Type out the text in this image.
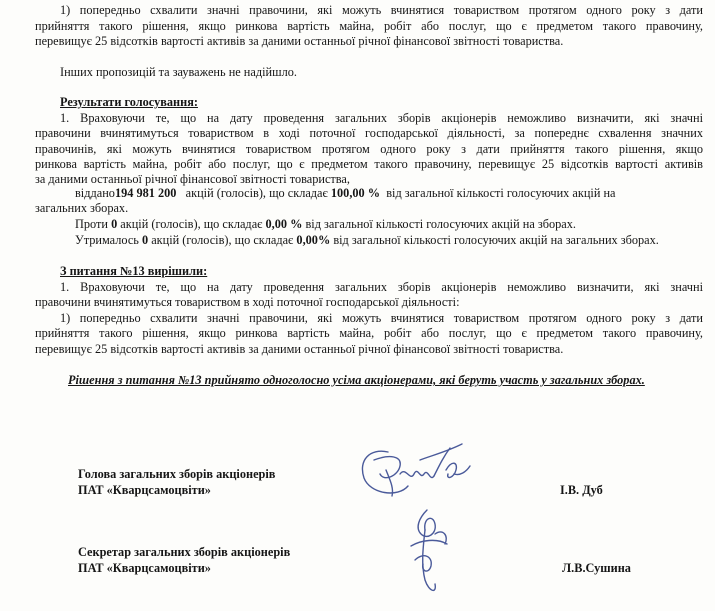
1) попередньо схвалити значні правочини, які можуть вчинятися товариством протягом одного року з дати

прийняття такого рішення, якщо ринкова вартість майна, робіт або послуг, що є предметом такого правочину,

перевищує 25 відсотків вартості активів за даними останньої річної фінансової звітності товариства.

Інших пропозицій та зауважень не надійшло.

Результати голосування:

1. Враховуючи те, що на дату проведення загальних зборів акціонерів неможливо визначити, які значні

правочини вчинятимуться товариством в ході поточної господарської діяльності, за попереднє схвалення значних

правочинів, які можуть вчинятися товариством протягом одного року з дати прийняття такого рішення, якщо

ринкова вартість майна, робіт або послуг, що є предметом такого правочину, перевищує 25 відсотків вартості активів

за даними останньої річної фінансової звітності товариства,

віддано194 981 200 акцій (голосів), що складає 100,00 % від загальної кількості голосуючих акцій на

загальних зборах.

Проти 0 акцій (голосів), що складає 0,00 % від загальної кількості голосуючих акцій на зборах.

Утрималось 0 акцій (голосів), що складає 0,00% від загальної кількості голосуючих акцій на загальних зборах.

З питання №13 вирішили:

1. Враховуючи те, що на дату проведення загальних зборів акціонерів неможливо визначити, які значні

правочини вчинятимуться товариством в ході поточної господарської діяльності:

1) попередньо схвалити значні правочини, які можуть вчинятися товариством протягом одного року з дати

прийняття такого рішення, якщо ринкова вартість майна, робіт або послуг, що є предметом такого правочину,

перевищує 25 відсотків вартості активів за даними останньої річної фінансової звітності товариства.

Рішення з питання №13 прийнято одноголосно усіма акціонерами, які беруть участь у загальних зборах.

Голова загальних зборів акціонерів

ПАТ «Кварцсамоцвіти»	І.В. Дуб

Секретар загальних зборів акціонерів

ПАТ «Кварцсамоцвіти»	Л.В.Сушина
